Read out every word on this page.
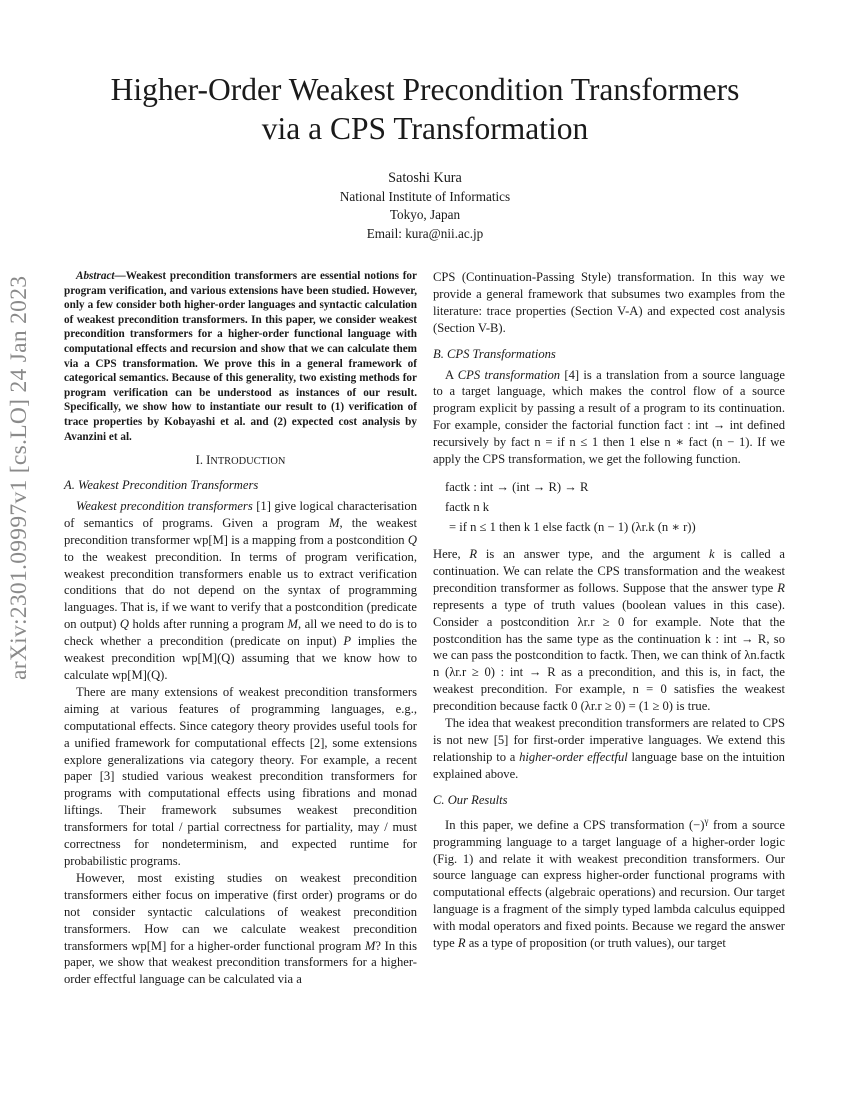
arXiv:2301.09997v1 [cs.LO] 24 Jan 2023
Higher-Order Weakest Precondition Transformers
via a CPS Transformation
Satoshi Kura
National Institute of Informatics
Tokyo, Japan
Email: kura@nii.ac.jp

Abstract—Weakest precondition transformers are essential notions for program verification, and various extensions have been studied. However, only a few consider both higher-order languages and syntactic calculation of weakest precondition transformers. In this paper, we consider weakest precondition transformers for a higher-order functional language with computational effects and recursion and show that we can calculate them via a CPS transformation. We prove this in a general framework of categorical semantics. Because of this generality, two existing methods for program verification can be understood as instances of our result. Specifically, we show how to instantiate our result to (1) verification of trace properties by Kobayashi et al. and (2) expected cost analysis by Avanzini et al.

I. INTRODUCTION
A. Weakest Precondition Transformers

Weakest precondition transformers [1] give logical characterisation of semantics of programs. Given a program M, the weakest precondition transformer wp[M] is a mapping from a postcondition Q to the weakest precondition. In terms of program verification, weakest precondition transformers enable us to extract verification conditions that do not depend on the syntax of programming languages. That is, if we want to verify that a postcondition (predicate on output) Q holds after running a program M, all we need to do is to check whether a precondition (predicate on input) P implies the weakest precondition wp[M](Q) assuming that we know how to calculate wp[M](Q).

There are many extensions of weakest precondition transformers aiming at various features of programming languages, e.g., computational effects. Since category theory provides useful tools for a unified framework for computational effects [2], some extensions explore generalizations via category theory. For example, a recent paper [3] studied various weakest precondition transformers for programs with computational effects using fibrations and monad liftings. Their framework subsumes weakest precondition transformers for total / partial correctness for partiality, may / must correctness for nondeterminism, and expected runtime for probabilistic programs.

However, most existing studies on weakest precondition transformers either focus on imperative (first order) programs or do not consider syntactic calculations of weakest precondition transformers. How can we calculate weakest precondition transformers wp[M] for a higher-order functional program M? In this paper, we show that weakest precondition transformers for a higher-order effectful language can be calculated via a

CPS (Continuation-Passing Style) transformation. In this way we provide a general framework that subsumes two examples from the literature: trace properties (Section V-A) and expected cost analysis (Section V-B).

B. CPS Transformations

A CPS transformation [4] is a translation from a source language to a target language, which makes the control flow of a source program explicit by passing a result of a program to its continuation. For example, consider the factorial function fact : int → int defined recursively by fact n = if n ≤ 1 then 1 else n ∗ fact (n − 1). If we apply the CPS transformation, we get the following function.

factk : int → (int → R) → R
factk n k
= if n ≤ 1 then k 1 else factk (n − 1) (λr.k (n ∗ r))

Here, R is an answer type, and the argument k is called a continuation. We can relate the CPS transformation and the weakest precondition transformer as follows. Suppose that the answer type R represents a type of truth values (boolean values in this case). Consider a postcondition λr.r ≥ 0 for example. Note that the postcondition has the same type as the continuation k : int → R, so we can pass the postcondition to factk. Then, we can think of λn.factk n (λr.r ≥ 0) : int → R as a precondition, and this is, in fact, the weakest precondition. For example, n = 0 satisfies the weakest precondition because factk 0 (λr.r ≥ 0) = (1 ≥ 0) is true.

The idea that weakest precondition transformers are related to CPS is not new [5] for first-order imperative languages. We extend this relationship to a higher-order effectful language base on the intuition explained above.

C. Our Results

In this paper, we define a CPS transformation $(-)^\gamma$ from a source programming language to a target language of a higher-order logic (Fig. 1) and relate it with weakest precondition transformers. Our source language can express higher-order functional programs with computational effects (algebraic operations) and recursion. Our target language is a fragment of the simply typed lambda calculus equipped with modal operators and fixed points. Because we regard the answer type R as a type of proposition (or truth values), our target
